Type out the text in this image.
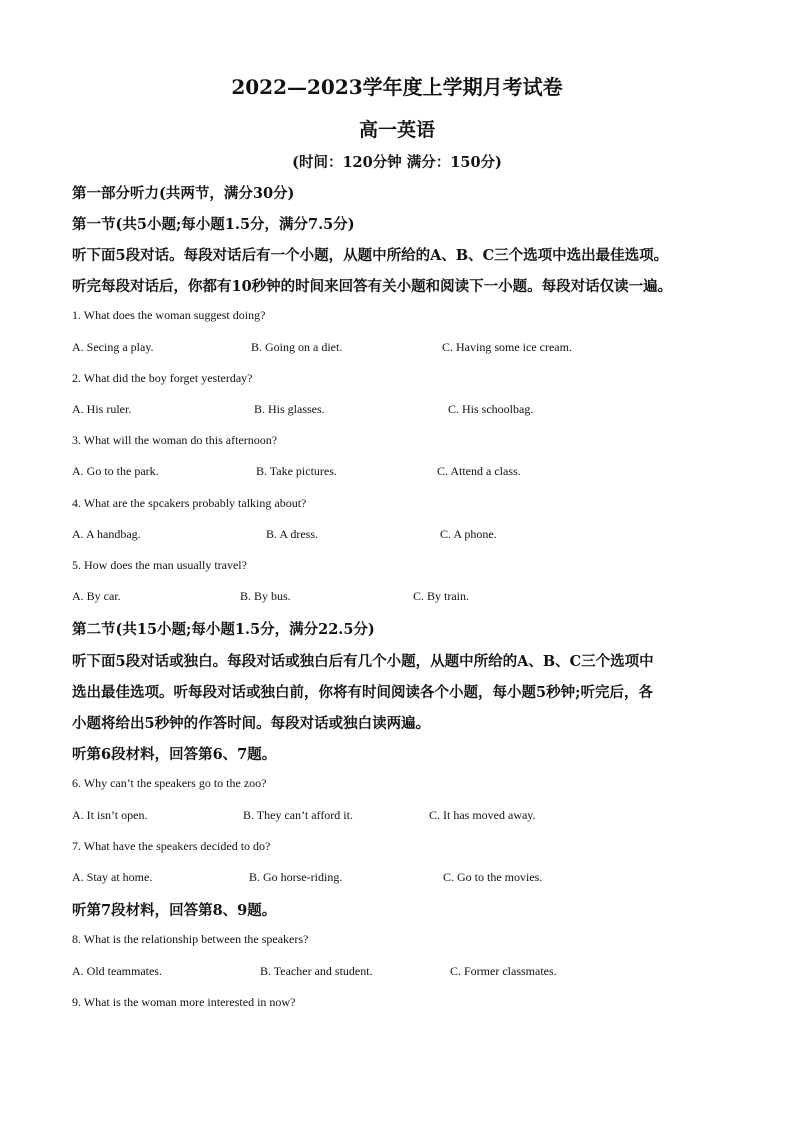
2022—2023学年度上学期月考试卷
高一英语
(时间：120分钟 满分：150分)
第一部分听力(共两节，满分30分)
第一节(共5小题;每小题1.5分，满分7.5分)
听下面5段对话。每段对话后有一个小题，从题中所给的A、B、C三个选项中选出最佳选项。
听完每段对话后，你都有10秒钟的时间来回答有关小题和阅读下一小题。每段对话仅读一遍。
1. What does the woman suggest doing?
A. Secing a play.	B. Going on a diet.	C. Having some ice cream.
2. What did the boy forget yesterday?
A. His ruler.	B. His glasses.	C. His schoolbag.
3. What will the woman do this afternoon?
A. Go to the park.	B. Take pictures.	C. Attend a class.
4. What are the spcakers probably talking about?
A. A handbag.	B. A dress.	C. A phone.
5. How does the man usually travel?
A. By car.	B. By bus.	C. By train.
第二节(共15小题;每小题1.5分，满分22.5分)
听下面5段对话或独白。每段对话或独白后有几个小题，从题中所给的A、B、C三个选项中
选出最佳选项。听每段对话或独白前，你将有时间阅读各个小题，每小题5秒钟;听完后，各
小题将给出5秒钟的作答时间。每段对话或独白读两遍。
听第6段材料，回答第6、7题。
6. Why can’t the speakers go to the zoo?
A. It isn’t open.	B. They can’t afford it.	C. It has moved away.
7. What have the speakers decided to do?
A. Stay at home.	B. Go horse-riding.	C. Go to the movies.
听第7段材料，回答第8、9题。
8. What is the relationship between the speakers?
A. Old teammates.	B. Teacher and student.	C. Former classmates.
9. What is the woman more interested in now?
